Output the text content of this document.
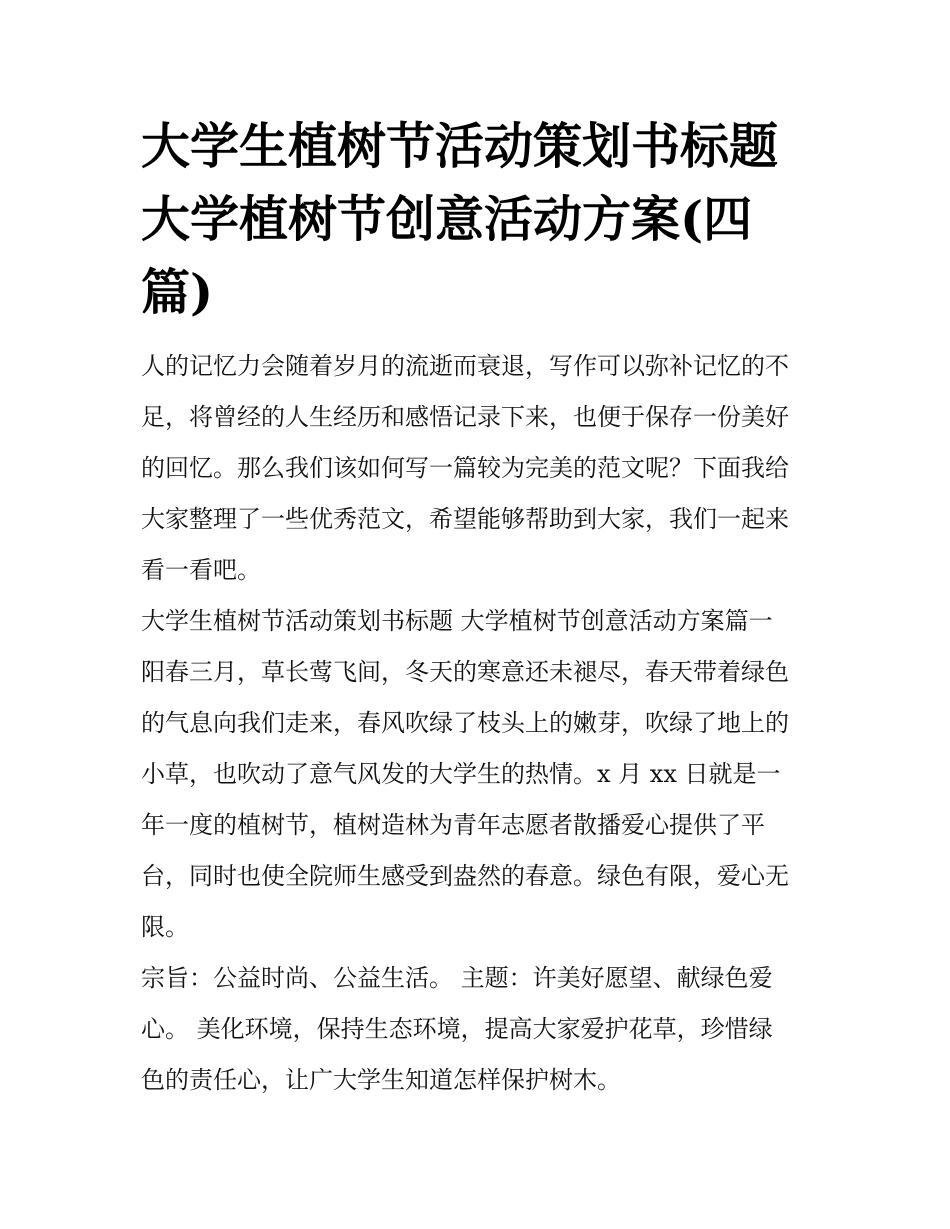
大学生植树节活动策划书标题
大学植树节创意活动方案(四
篇)

人的记忆力会随着岁月的流逝而衰退，写作可以弥补记忆的不
足，将曾经的人生经历和感悟记录下来，也便于保存一份美好
的回忆。那么我们该如何写一篇较为完美的范文呢？下面我给
大家整理了一些优秀范文，希望能够帮助到大家，我们一起来
看一看吧。

大学生植树节活动策划书标题 大学植树节创意活动方案篇一

阳春三月，草长莺飞间，冬天的寒意还未褪尽，春天带着绿色
的气息向我们走来，春风吹绿了枝头上的嫩芽，吹绿了地上的
小草，也吹动了意气风发的大学生的热情。x 月 xx 日就是一
年一度的植树节，植树造林为青年志愿者散播爱心提供了平
台，同时也使全院师生感受到盎然的春意。绿色有限，爱心无
限。

宗旨：公益时尚、公益生活。 主题：许美好愿望、献绿色爱
心。 美化环境，保持生态环境，提高大家爱护花草，珍惜绿
色的责任心，让广大学生知道怎样保护树木。
